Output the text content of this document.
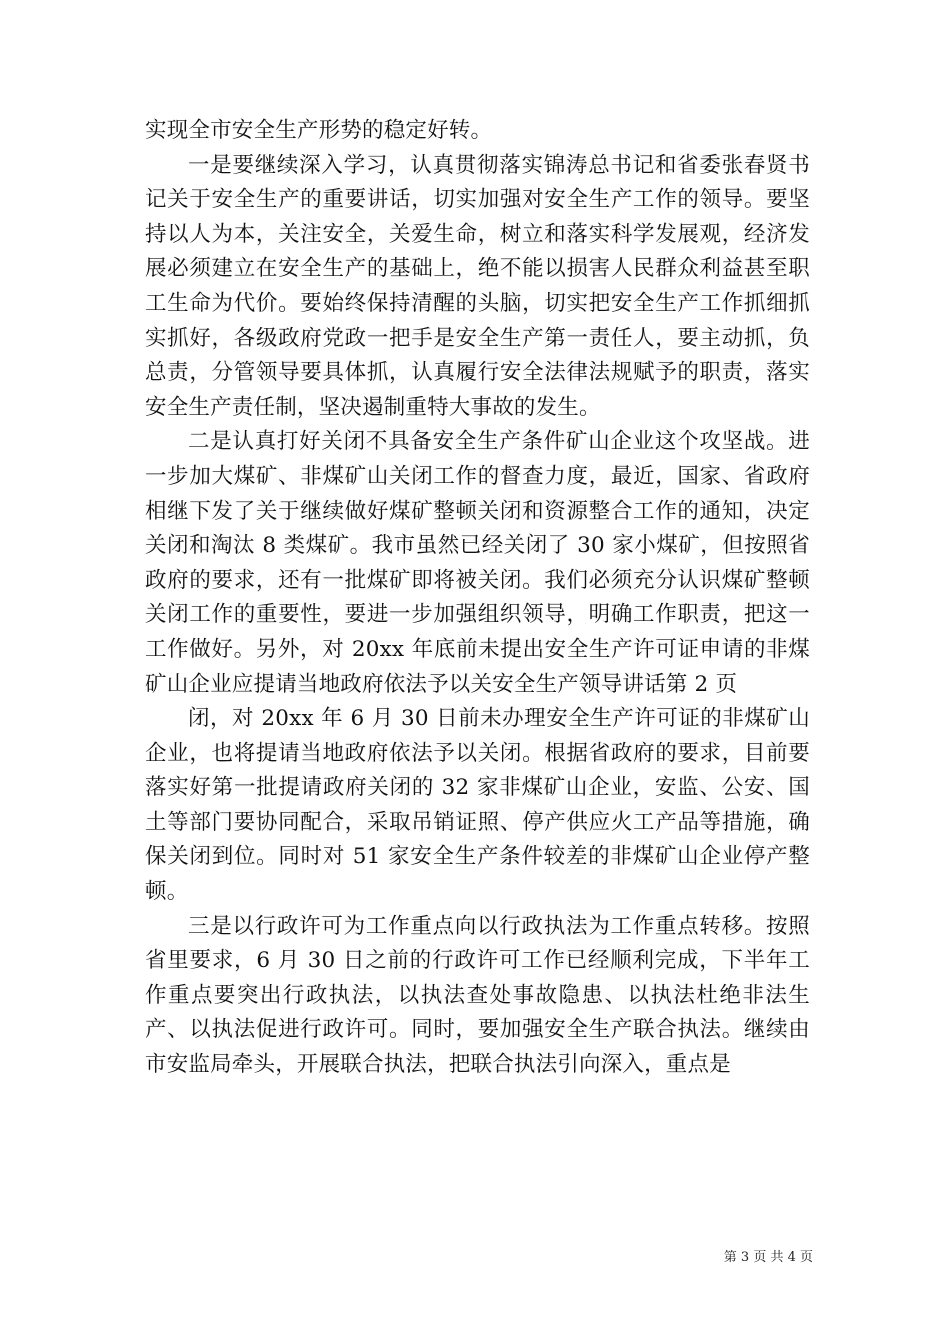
实现全市安全生产形势的稳定好转。

一是要继续深入学习，认真贯彻落实锦涛总书记和省委张春贤书记关于安全生产的重要讲话，切实加强对安全生产工作的领导。要坚持以人为本，关注安全，关爱生命，树立和落实科学发展观，经济发展必须建立在安全生产的基础上，绝不能以损害人民群众利益甚至职工生命为代价。要始终保持清醒的头脑，切实把安全生产工作抓细抓实抓好，各级政府党政一把手是安全生产第一责任人，要主动抓，负总责，分管领导要具体抓，认真履行安全法律法规赋予的职责，落实安全生产责任制，坚决遏制重特大事故的发生。

二是认真打好关闭不具备安全生产条件矿山企业这个攻坚战。进一步加大煤矿、非煤矿山关闭工作的督查力度，最近，国家、省政府相继下发了关于继续做好煤矿整顿关闭和资源整合工作的通知，决定关闭和淘汰 8 类煤矿。我市虽然已经关闭了 30 家小煤矿，但按照省政府的要求，还有一批煤矿即将被关闭。我们必须充分认识煤矿整顿关闭工作的重要性，要进一步加强组织领导，明确工作职责，把这一工作做好。另外，对 20xx 年底前未提出安全生产许可证申请的非煤矿山企业应提请当地政府依法予以关安全生产领导讲话第 2 页

闭，对 20xx 年 6 月 30 日前未办理安全生产许可证的非煤矿山企业，也将提请当地政府依法予以关闭。根据省政府的要求，目前要落实好第一批提请政府关闭的 32 家非煤矿山企业，安监、公安、国土等部门要协同配合，采取吊销证照、停产供应火工产品等措施，确保关闭到位。同时对 51 家安全生产条件较差的非煤矿山企业停产整顿。

三是以行政许可为工作重点向以行政执法为工作重点转移。按照省里要求，6 月 30 日之前的行政许可工作已经顺利完成，下半年工作重点要突出行政执法，以执法查处事故隐患、以执法杜绝非法生产、以执法促进行政许可。同时，要加强安全生产联合执法。继续由市安监局牵头，开展联合执法，把联合执法引向深入，重点是

第 3 页 共 4 页
